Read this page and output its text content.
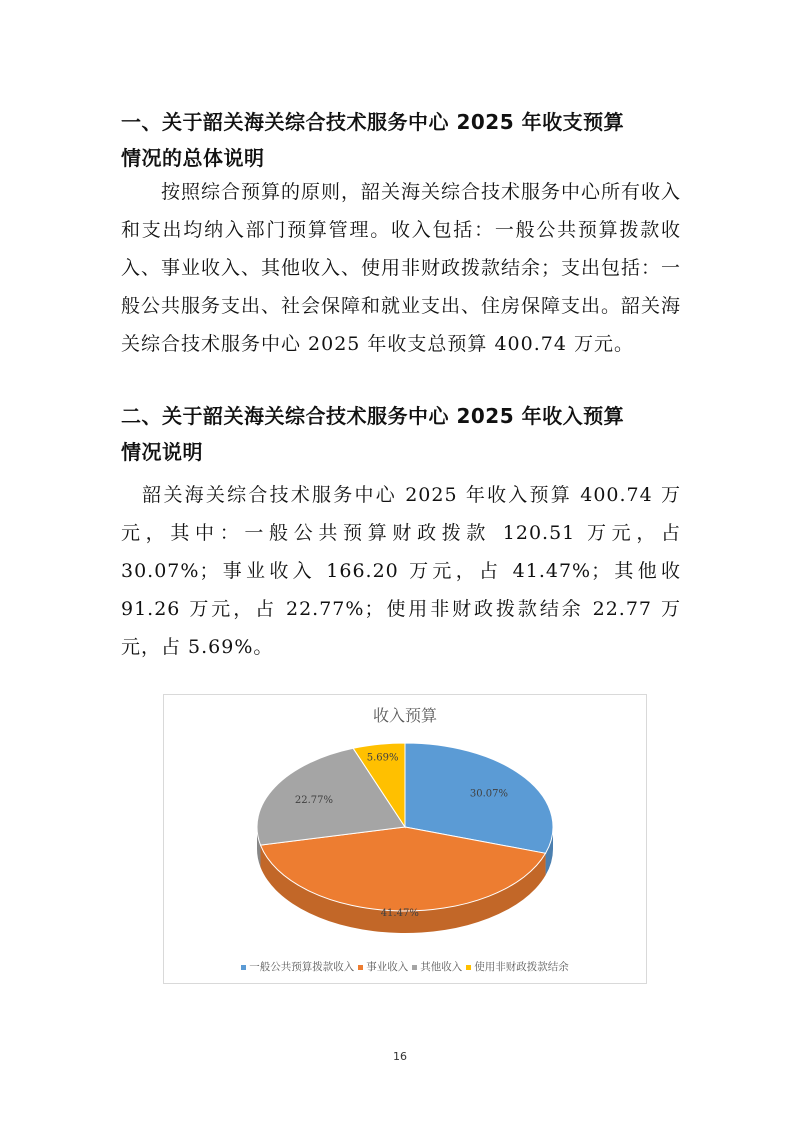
一、关于韶关海关综合技术服务中心 2025 年收支预算
情况的总体说明

　　按照综合预算的原则，韶关海关综合技术服务中心所有收入和支出均纳入部门预算管理。收入包括：一般公共预算拨款收入、事业收入、其他收入、使用非财政拨款结余；支出包括：一般公共服务支出、社会保障和就业支出、住房保障支出。韶关海关综合技术服务中心 2025 年收支总预算 400.74 万元。

二、关于韶关海关综合技术服务中心 2025 年收入预算
情况说明

　韶关海关综合技术服务中心 2025 年收入预算 400.74 万元，其中：一般公共预算财政拨款 120.51 万元，占 30.07%；事业收入 166.20 万元，占 41.47%；其他收 91.26 万元，占 22.77%；使用非财政拨款结余 22.77 万元，占 5.69%。

收入预算

30.07%
41.47%
22.77%
5.69%
一般公共预算拨款收入 事业收入 其他收入 使用非财政拨款结余
16
